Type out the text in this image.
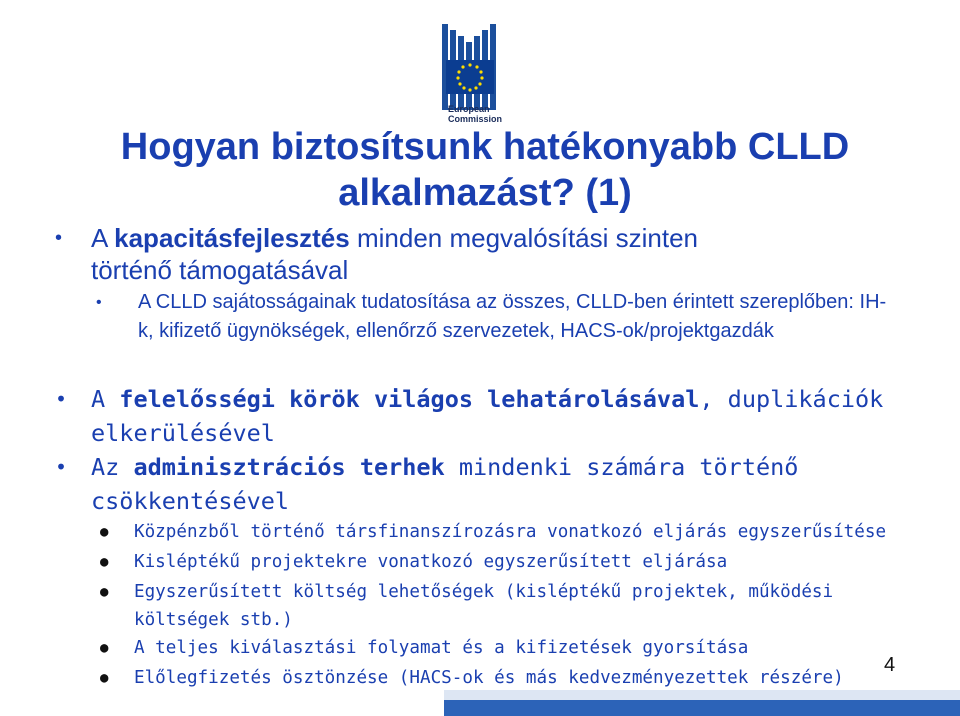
European
Commission
Hogyan biztosítsunk hatékonyabb CLLD
alkalmazást? (1)
• A kapacitásfejlesztés minden megvalósítási szinten
történő támogatásával
• A CLLD sajátosságainak tudatosítása az összes, CLLD-ben érintett szereplőben: IH-k, kifizető ügynökségek, ellenőrző szervezetek, HACS-ok/projektgazdák
• A felelősségi körök világos lehatárolásával, duplikációk
elkerülésével
• Az adminisztrációs terhek mindenki számára történő
csökkentésével
● Közpénzből történő társfinanszírozásra vonatkozó eljárás egyszerűsítése
● Kisléptékű projektekre vonatkozó egyszerűsített eljárása
● Egyszerűsített költség lehetőségek (kisléptékű projektek, működési
költségek stb.)
● A teljes kiválasztási folyamat és a kifizetések gyorsítása
● Előlegfizetés ösztönzése (HACS-ok és más kedvezményezettek részére)
4
